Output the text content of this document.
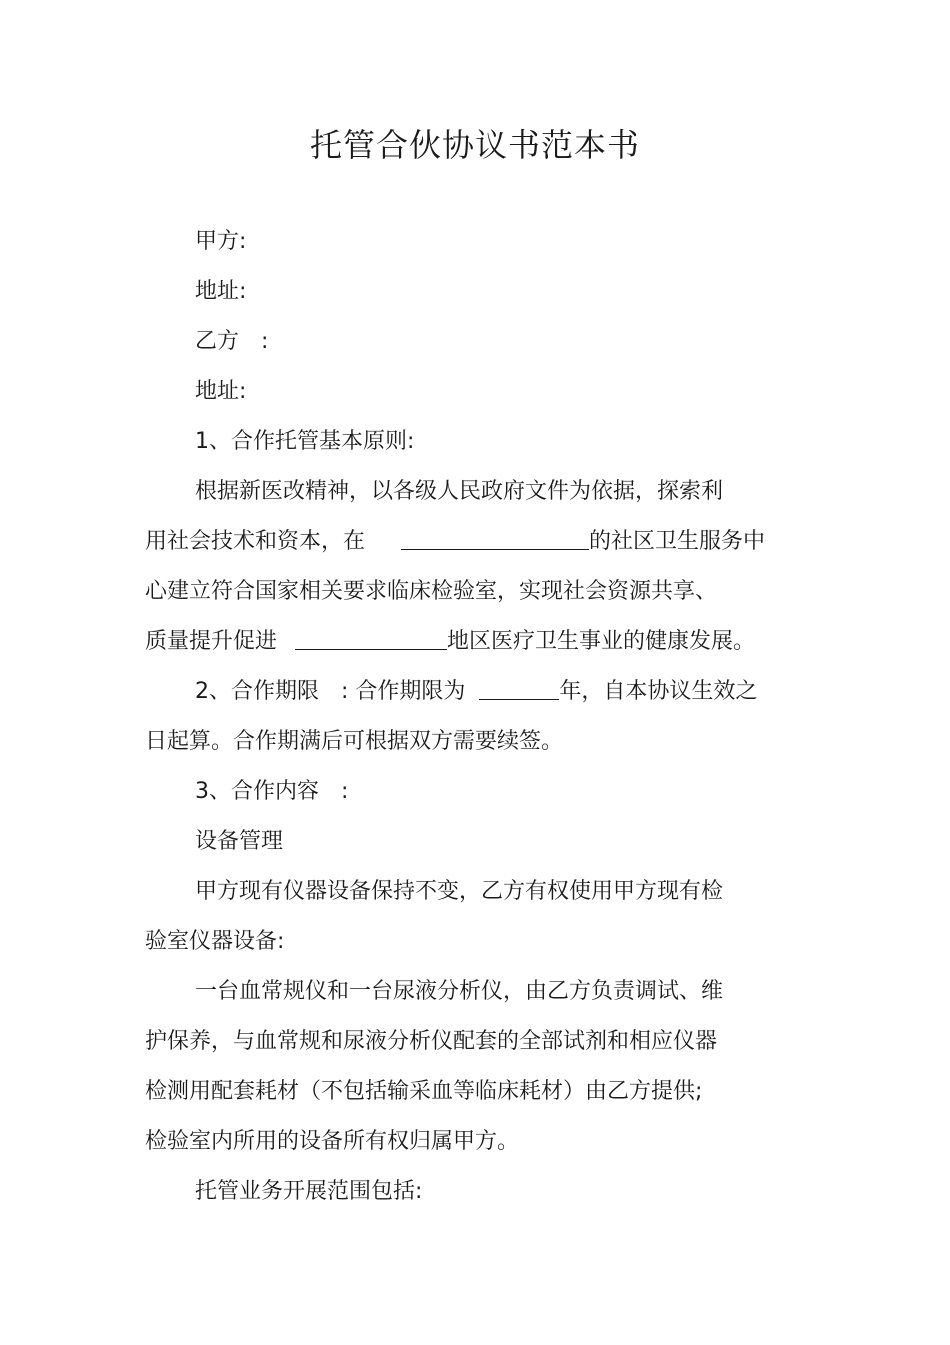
托管合伙协议书范本书
甲方:
地址:
乙方　:
地址:
1、合作托管基本原则:
根据新医改精神，以各级人民政府文件为依据，探索利
用社会技术和资本，在	的社区卫生服务中
心建立符合国家相关要求临床检验室，实现社会资源共享、
质量提升促进	地区医疗卫生事业的健康发展。
2、合作期限　: 合作期限为	年，自本协议生效之
日起算。合作期满后可根据双方需要续签。
3、合作内容　:
设备管理
甲方现有仪器设备保持不变，乙方有权使用甲方现有检
验室仪器设备:
一台血常规仪和一台尿液分析仪，由乙方负责调试、维
护保养，与血常规和尿液分析仪配套的全部试剂和相应仪器
检测用配套耗材（不包括输采血等临床耗材）由乙方提供;
检验室内所用的设备所有权归属甲方。
托管业务开展范围包括:
